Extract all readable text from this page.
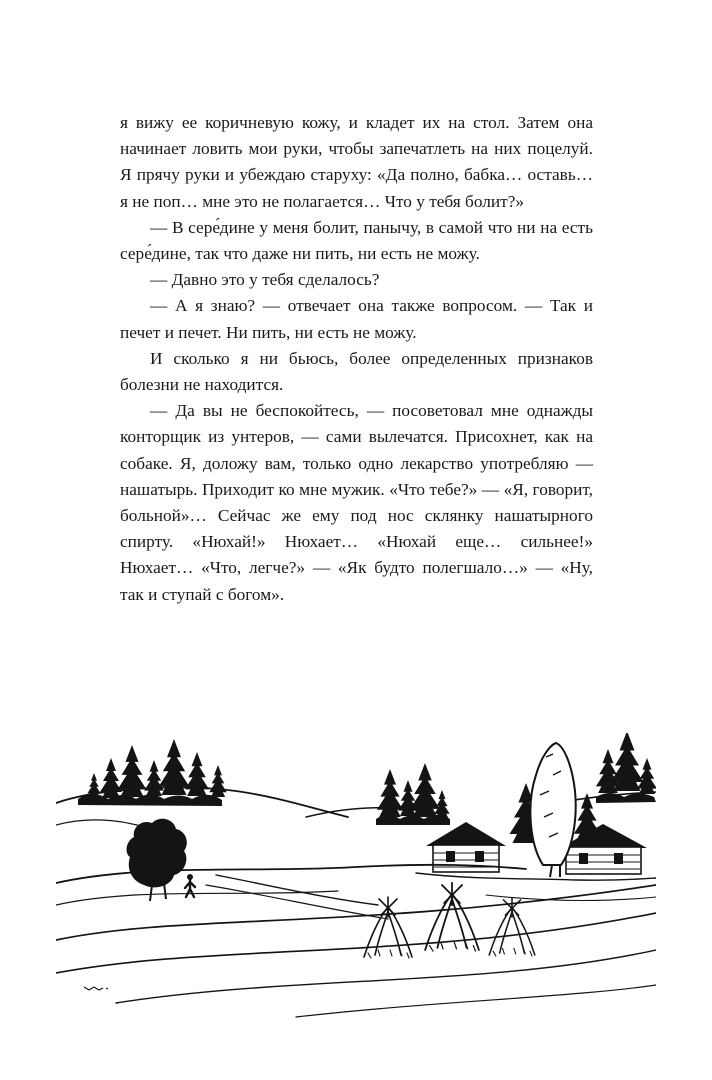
я вижу ее коричневую кожу, и кладет их на стол. Затем она начинает ловить мои руки, чтобы запечатлеть на них поцелуй. Я прячу руки и убеждаю старуху: «Да полно, бабка… оставь… я не поп… мне это не полагается… Что у тебя болит?»

— В сере́дине у меня болит, панычу, в самой что ни на есть сере́дине, так что даже ни пить, ни есть не можу.

— Давно это у тебя сделалось?

— А я знаю? — отвечает она также вопросом. — Так и печет и печет. Ни пить, ни есть не можу.

И сколько я ни бьюсь, более определенных признаков болезни не находится.

— Да вы не беспокойтесь, — посоветовал мне однажды конторщик из унтеров, — сами вылечатся. Присохнет, как на собаке. Я, доложу вам, только одно лекарство употребляю — нашатырь. Приходит ко мне мужик. «Что тебе?» — «Я, говорит, больной»… Сейчас же ему под нос склянку нашатырного спирту. «Нюхай!» Нюхает… «Нюхай еще… сильнее!» Нюхает… «Что, легче?» — «Як будто полегшало…» — «Ну, так и ступай с богом».
